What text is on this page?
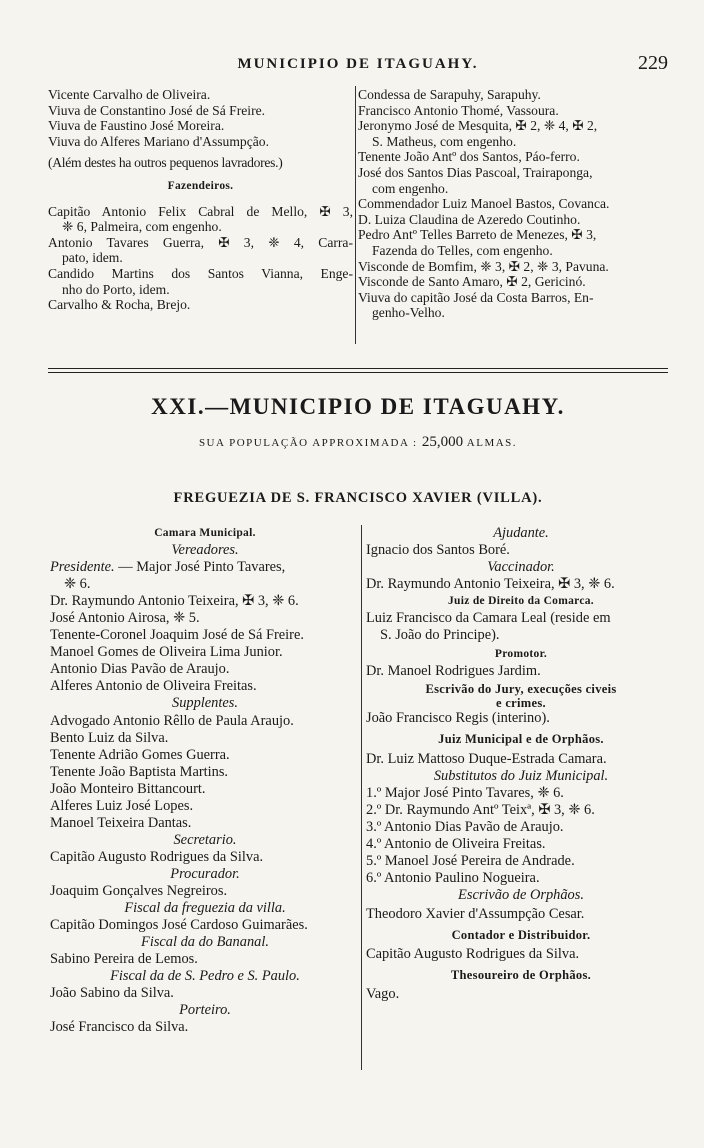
MUNICIPIO DE ITAGUAHY.	229
Vicente Carvalho de Oliveira.
Viuva de Constantino José de Sá Freire.
Viuva de Faustino José Moreira.
Viuva do Alferes Mariano d'Assumpção.
(Além destes ha outros pequenos lavradores.)
Fazendeiros.
Capitão Antonio Felix Cabral de Mello, ✠ 3,
❈ 6, Palmeira, com engenho.
Antonio Tavares Guerra, ✠ 3, ❈ 4, Carra-
pato, idem.
Candido Martins dos Santos Vianna, Enge-
nho do Porto, idem.
Carvalho & Rocha, Brejo.
Condessa de Sarapuhy, Sarapuhy.
Francisco Antonio Thomé, Vassoura.
Jeronymo José de Mesquita, ✠ 2, ❈ 4, ✠ 2,
S. Matheus, com engenho.
Tenente João Antº dos Santos, Páo-ferro.
José dos Santos Dias Pascoal, Trairaponga,
com engenho.
Commendador Luiz Manoel Bastos, Covanca.
D. Luiza Claudina de Azeredo Coutinho.
Pedro Antº Telles Barreto de Menezes, ✠ 3,
Fazenda do Telles, com engenho.
Visconde de Bomfim, ❈ 3, ✠ 2, ❈ 3, Pavuna.
Visconde de Santo Amaro, ✠ 2, Gericinó.
Viuva do capitão José da Costa Barros, En-
genho-Velho.
XXI.—MUNICIPIO DE ITAGUAHY.
SUA POPULAÇÃO APPROXIMADA : 25,000 ALMAS.
FREGUEZIA DE S. FRANCISCO XAVIER (VILLA).
Camara Municipal.
Vereadores.
Presidente. — Major José Pinto Tavares,
❈ 6.
Dr. Raymundo Antonio Teixeira, ✠ 3, ❈ 6.
José Antonio Airosa, ❈ 5.
Tenente-Coronel Joaquim José de Sá Freire.
Manoel Gomes de Oliveira Lima Junior.
Antonio Dias Pavão de Araujo.
Alferes Antonio de Oliveira Freitas.
Supplentes.
Advogado Antonio Rêllo de Paula Araujo.
Bento Luiz da Silva.
Tenente Adrião Gomes Guerra.
Tenente João Baptista Martins.
João Monteiro Bittancourt.
Alferes Luiz José Lopes.
Manoel Teixeira Dantas.
Secretario.
Capitão Augusto Rodrigues da Silva.
Procurador.
Joaquim Gonçalves Negreiros.
Fiscal da freguezia da villa.
Capitão Domingos José Cardoso Guimarães.
Fiscal da do Bananal.
Sabino Pereira de Lemos.
Fiscal da de S. Pedro e S. Paulo.
João Sabino da Silva.
Porteiro.
José Francisco da Silva.
Ajudante.
Ignacio dos Santos Boré.
Vaccinador.
Dr. Raymundo Antonio Teixeira, ✠ 3, ❈ 6.
Juiz de Direito da Comarca.
Luiz Francisco da Camara Leal (reside em
S. João do Principe).
Promotor.
Dr. Manoel Rodrigues Jardim.
Escrivão do Jury, execuções civeis
e crimes.
João Francisco Regis (interino).
Juiz Municipal e de Orphãos.
Dr. Luiz Mattoso Duque-Estrada Camara.
Substitutos do Juiz Municipal.
1.º Major José Pinto Tavares, ❈ 6.
2.º Dr. Raymundo Antº Teixª, ✠ 3, ❈ 6.
3.º Antonio Dias Pavão de Araujo.
4.º Antonio de Oliveira Freitas.
5.º Manoel José Pereira de Andrade.
6.º Antonio Paulino Nogueira.
Escrivão de Orphãos.
Theodoro Xavier d'Assumpção Cesar.
Contador e Distribuidor.
Capitão Augusto Rodrigues da Silva.
Thesoureiro de Orphãos.
Vago.
